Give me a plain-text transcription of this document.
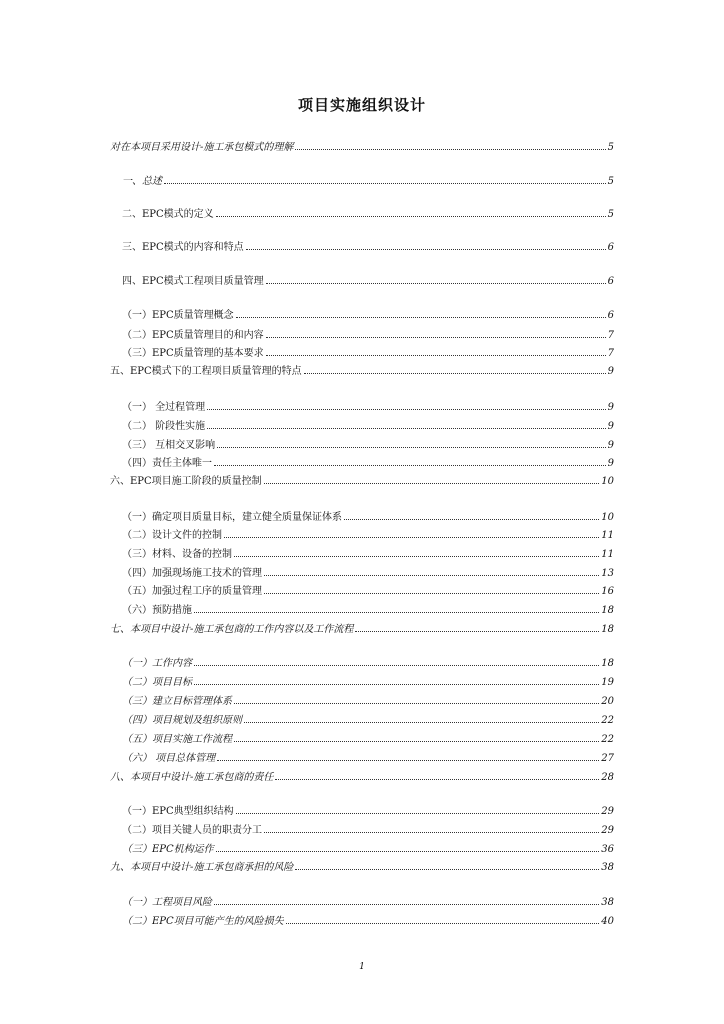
项目实施组织设计
对在本项目采用设计-施工承包模式的理解	5
一、总述	5
二、EPC模式的定义	5
三、EPC模式的内容和特点	6
四、EPC模式工程项目质量管理	6
（一）EPC质量管理概念	6
（二）EPC质量管理目的和内容	7
（三）EPC质量管理的基本要求	7
五、EPC模式下的工程项目质量管理的特点	9
（一） 全过程管理	9
（二） 阶段性实施	9
（三） 互相交叉影响	9
（四）责任主体唯一	9
六、EPC项目施工阶段的质量控制	10
（一）确定项目质量目标，建立健全质量保证体系	10
（二）设计文件的控制	11
（三）材料、设备的控制	11
（四）加强现场施工技术的管理	13
（五）加强过程工序的质量管理	16
（六）预防措施	18
七、本项目中设计-施工承包商的工作内容以及工作流程	18
（一）工作内容	18
（二）项目目标	19
（三）建立目标管理体系	20
（四）项目规划及组织原则	22
（五）项目实施工作流程	22
（六） 项目总体管理	27
八、本项目中设计-施工承包商的责任	28
（一）EPC典型组织结构	29
（二）项目关键人员的职责分工	29
（三）EPC机构运作	36
九、本项目中设计-施工承包商承担的风险	38
（一）工程项目风险	38
（二）EPC项目可能产生的风险损失	40
1
